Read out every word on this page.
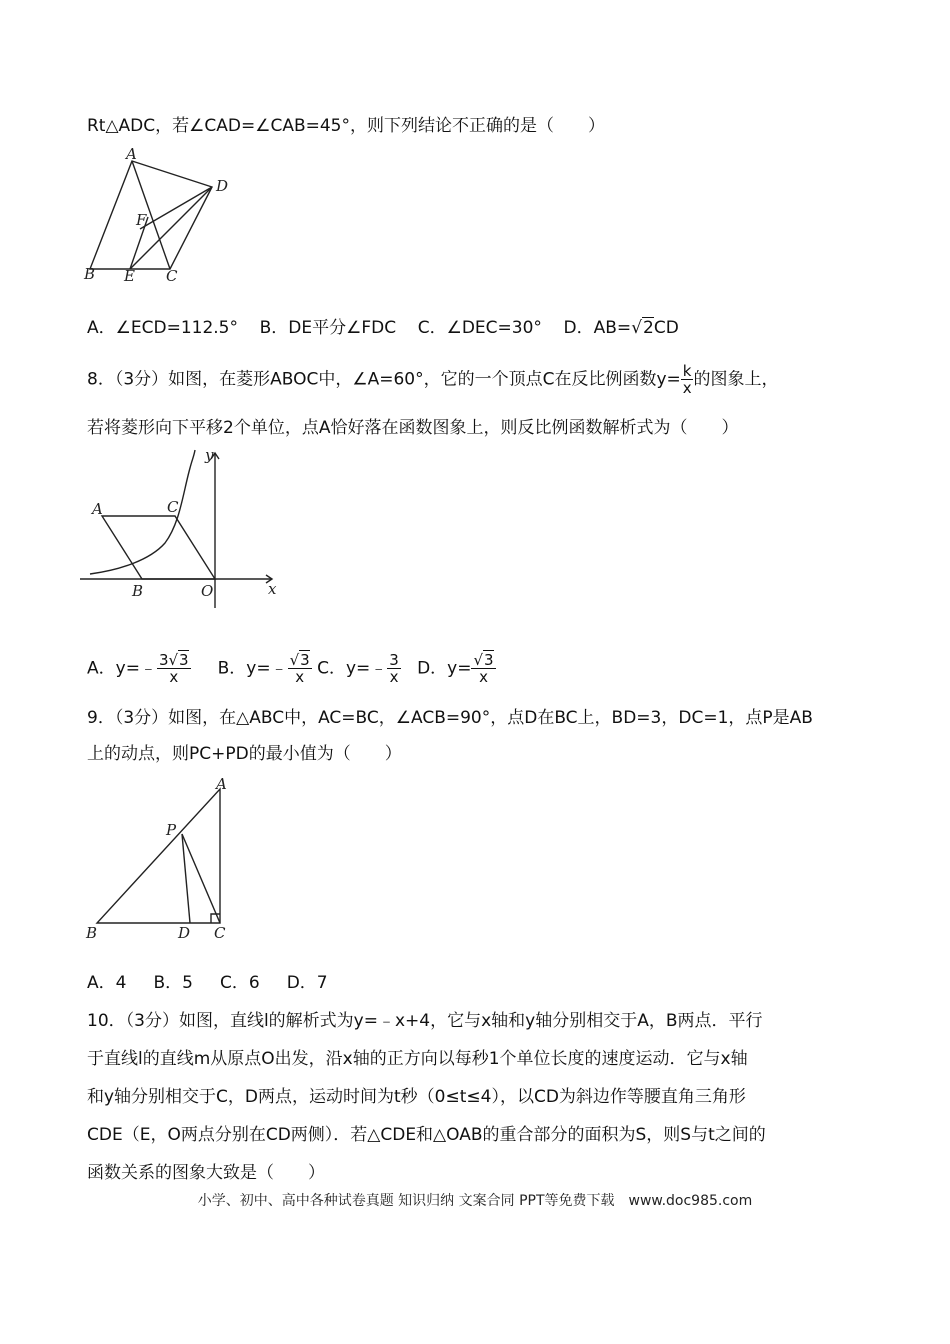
Rt△ADC，若∠CAD=∠CAB=45°，则下列结论不正确的是（　　）
A
D
F
B E C
A．∠ECD=112.5° B．DE平分∠FDC C．∠DEC=30° D．AB=√2CD
8．（3分）如图，在菱形ABOC中，∠A=60°，它的一个顶点C在反比例函数$y= \frac{k}{x}$ 的图象上，
若将菱形向下平移2个单位，点A恰好落在函数图象上，则反比例函数解析式为（　　）
y
A	C
B	O	x
A．y=﹣ $\frac{3√3}{x}$ B．y=﹣ $\frac{√3}{x}$ C．y=﹣ $\frac{3}{x}$ D．$y= \frac{√3}{x}$
9．（3分）如图，在△ABC中，AC=BC，∠ACB=90°，点D在BC上，BD=3，DC=1，点P是AB
上的动点，则PC+PD的最小值为（　　）
A
P
B	D C
A．4 B．5 C．6 D．7
10．（3分）如图，直线l的解析式为y=﹣x+4，它与x轴和y轴分别相交于A，B两点．平行
于直线l的直线m从原点O出发，沿x轴的正方向以每秒1个单位长度的速度运动．它与x轴
和y轴分别相交于C，D两点，运动时间为t秒（0≤t≤4），以CD为斜边作等腰直角三角形
CDE（E，O两点分别在CD两侧）．若△CDE和△OAB的重合部分的面积为S，则S与t之间的
函数关系的图象大致是（　　）
小学、初中、高中各种试卷真题 知识归纳 文案合同 PPT等免费下载　www.doc985.com
